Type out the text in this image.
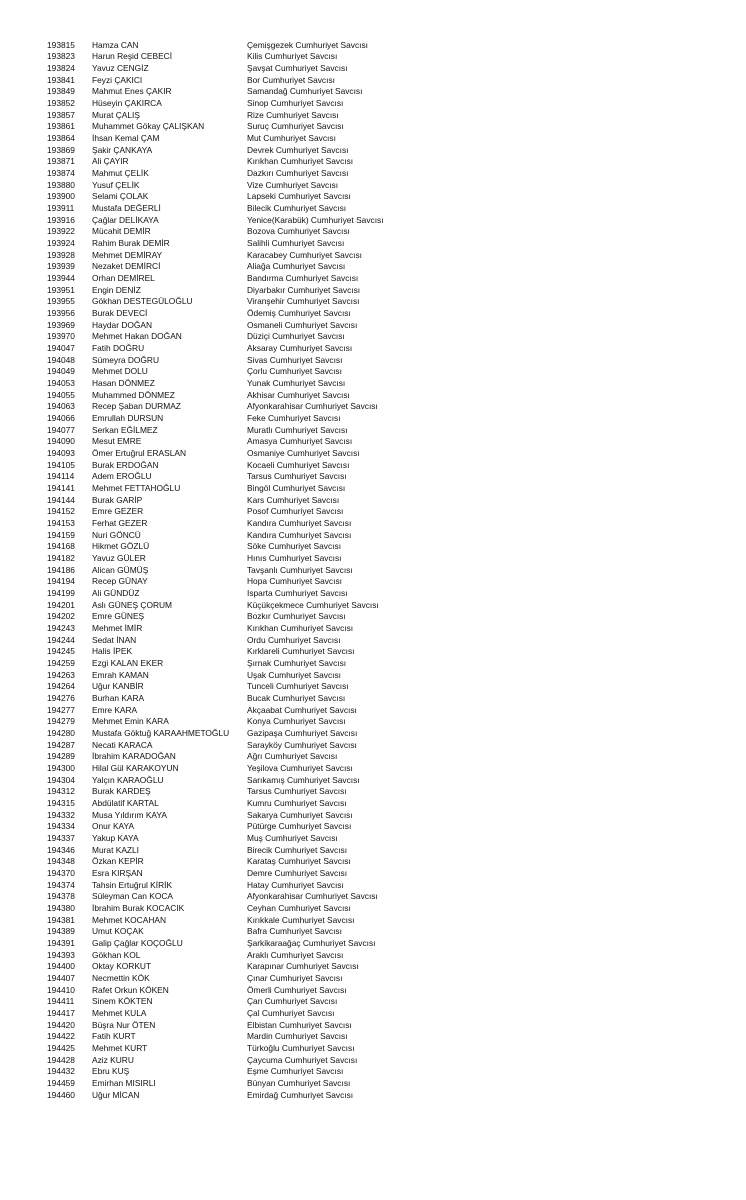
193815 Hamza CAN	Çemişgezek Cumhuriyet Savcısı
193823 Harun Reşid CEBECİ	Kilis Cumhuriyet Savcısı
193824 Yavuz CENGİZ	Şavşat Cumhuriyet Savcısı
193841 Feyzi ÇAKICI	Bor Cumhuriyet Savcısı
193849 Mahmut Enes ÇAKIR	Samandağ Cumhuriyet Savcısı
193852 Hüseyin ÇAKIRCA	Sinop Cumhuriyet Savcısı
193857 Murat ÇALIŞ	Rize Cumhuriyet Savcısı
193861 Muhammet Gökay ÇALIŞKAN	Suruç Cumhuriyet Savcısı
193864 İhsan Kemal ÇAM	Mut Cumhuriyet Savcısı
193869 Şakir ÇANKAYA	Devrek Cumhuriyet Savcısı
193871 Ali ÇAYIR	Kırıkhan Cumhuriyet Savcısı
193874 Mahmut ÇELİK	Dazkırı Cumhuriyet Savcısı
193880 Yusuf ÇELİK	Vize Cumhuriyet Savcısı
193900 Selami ÇOLAK	Lapseki Cumhuriyet Savcısı
193911 Mustafa DEĞERLİ	Bilecik Cumhuriyet Savcısı
193916 Çağlar DELİKAYA	Yenice(Karabük) Cumhuriyet Savcısı
193922 Mücahit DEMİR	Bozova Cumhuriyet Savcısı
193924 Rahim Burak DEMİR	Salihli Cumhuriyet Savcısı
193928 Mehmet DEMİRAY	Karacabey Cumhuriyet Savcısı
193939 Nezaket DEMİRCİ	Aliağa Cumhuriyet Savcısı
193944 Orhan DEMİREL	Bandırma Cumhuriyet Savcısı
193951 Engin DENİZ	Diyarbakır Cumhuriyet Savcısı
193955 Gökhan DESTEGÜLOĞLU	Viranşehir Cumhuriyet Savcısı
193956 Burak DEVECİ	Ödemiş Cumhuriyet Savcısı
193969 Haydar DOĞAN	Osmaneli Cumhuriyet Savcısı
193970 Mehmet Hakan DOĞAN	Düziçi Cumhuriyet Savcısı
194047 Fatih DOĞRU	Aksaray Cumhuriyet Savcısı
194048 Sümeyra DOĞRU	Sivas Cumhuriyet Savcısı
194049 Mehmet DOLU	Çorlu Cumhuriyet Savcısı
194053 Hasan DÖNMEZ	Yunak Cumhuriyet Savcısı
194055 Muhammed DÖNMEZ	Akhisar Cumhuriyet Savcısı
194063 Recep Şaban DURMAZ	Afyonkarahisar Cumhuriyet Savcısı
194066 Emrullah DURSUN	Feke Cumhuriyet Savcısı
194077 Serkan EĞİLMEZ	Muratlı Cumhuriyet Savcısı
194090 Mesut EMRE	Amasya Cumhuriyet Savcısı
194093 Ömer Ertuğrul ERASLAN	Osmaniye Cumhuriyet Savcısı
194105 Burak ERDOĞAN	Kocaeli Cumhuriyet Savcısı
194114 Adem EROĞLU	Tarsus Cumhuriyet Savcısı
194141 Mehmet FETTAHOĞLU	Bingöl Cumhuriyet Savcısı
194144 Burak GARİP	Kars Cumhuriyet Savcısı
194152 Emre GEZER	Posof Cumhuriyet Savcısı
194153 Ferhat GEZER	Kandıra Cumhuriyet Savcısı
194159 Nuri GÖNCÜ	Kandıra Cumhuriyet Savcısı
194168 Hikmet GÖZLÜ	Söke Cumhuriyet Savcısı
194182 Yavuz GÜLER	Hınıs Cumhuriyet Savcısı
194186 Alican GÜMÜŞ	Tavşanlı Cumhuriyet Savcısı
194194 Recep GÜNAY	Hopa Cumhuriyet Savcısı
194199 Ali GÜNDÜZ	Isparta Cumhuriyet Savcısı
194201 Aslı GÜNEŞ ÇORUM	Küçükçekmece Cumhuriyet Savcısı
194202 Emre GÜNEŞ	Bozkır Cumhuriyet Savcısı
194243 Mehmet İMİR	Kırıkhan Cumhuriyet Savcısı
194244 Sedat İNAN	Ordu Cumhuriyet Savcısı
194245 Halis İPEK	Kırklareli Cumhuriyet Savcısı
194259 Ezgi KALAN EKER	Şırnak Cumhuriyet Savcısı
194263 Emrah KAMAN	Uşak Cumhuriyet Savcısı
194264 Uğur KANBİR	Tunceli Cumhuriyet Savcısı
194276 Burhan KARA	Bucak Cumhuriyet Savcısı
194277 Emre KARA	Akçaabat Cumhuriyet Savcısı
194279 Mehmet Emin KARA	Konya Cumhuriyet Savcısı
194280 Mustafa Göktuğ KARAAHMETOĞLU Gazipaşa Cumhuriyet Savcısı
194287 Necati KARACA	Sarayköy Cumhuriyet Savcısı
194289 İbrahim KARADOĞAN	Ağrı Cumhuriyet Savcısı
194300 Hilal Gül KARAKOYUN	Yeşilova Cumhuriyet Savcısı
194304 Yalçın KARAOĞLU	Sarıkamış Cumhuriyet Savcısı
194312 Burak KARDEŞ	Tarsus Cumhuriyet Savcısı
194315 Abdülatif KARTAL	Kumru Cumhuriyet Savcısı
194332 Musa Yıldırım KAYA	Sakarya Cumhuriyet Savcısı
194334 Onur KAYA	Pütürge Cumhuriyet Savcısı
194337 Yakup KAYA	Muş Cumhuriyet Savcısı
194346 Murat KAZLI	Birecik Cumhuriyet Savcısı
194348 Özkan KEPİR	Karataş Cumhuriyet Savcısı
194370 Esra KIRŞAN	Demre Cumhuriyet Savcısı
194374 Tahsin Ertuğrul KİRİK	Hatay Cumhuriyet Savcısı
194378 Süleyman Can KOCA	Afyonkarahisar Cumhuriyet Savcısı
194380 İbrahim Burak KOCACIK	Ceyhan Cumhuriyet Savcısı
194381 Mehmet KOCAHAN	Kırıkkale Cumhuriyet Savcısı
194389 Umut KOÇAK	Bafra Cumhuriyet Savcısı
194391 Galip Çağlar KOÇOĞLU	Şarkikaraağaç Cumhuriyet Savcısı
194393 Gökhan KOL	Araklı Cumhuriyet Savcısı
194400 Oktay KORKUT	Karapınar Cumhuriyet Savcısı
194407 Necmettin KÖK	Çınar Cumhuriyet Savcısı
194410 Rafet Orkun KÖKEN	Ömerli Cumhuriyet Savcısı
194411 Sinem KÖKTEN	Çan Cumhuriyet Savcısı
194417 Mehmet KULA	Çal Cumhuriyet Savcısı
194420 Büşra Nur ÖTEN	Elbistan Cumhuriyet Savcısı
194422 Fatih KURT	Mardin Cumhuriyet Savcısı
194425 Mehmet KURT	Türkoğlu Cumhuriyet Savcısı
194428 Aziz KURU	Çaycuma Cumhuriyet Savcısı
194432 Ebru KUŞ	Eşme Cumhuriyet Savcısı
194459 Emirhan MISIRLI	Bünyan Cumhuriyet Savcısı
194460 Uğur MİCAN	Emirdağ Cumhuriyet Savcısı
